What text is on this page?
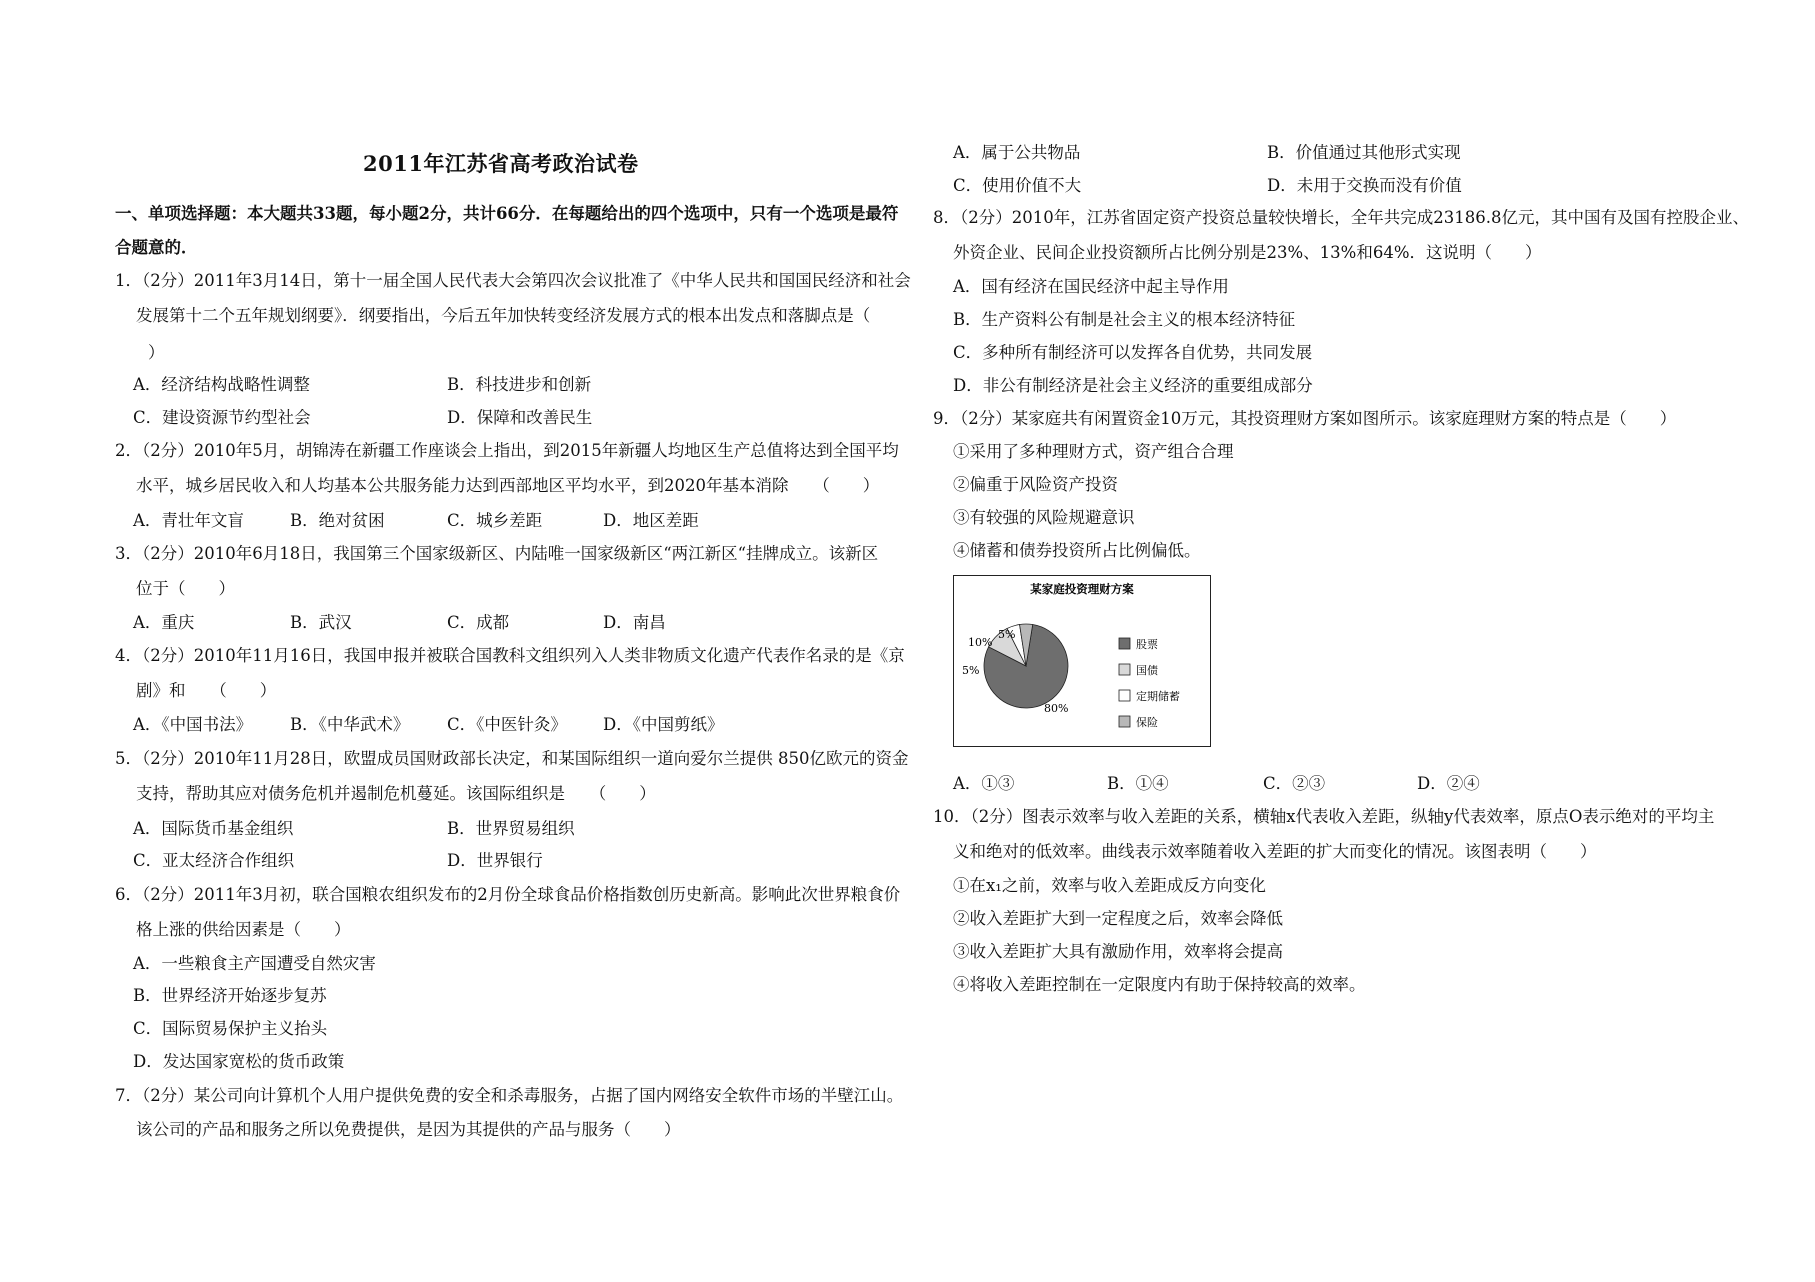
2011年江苏省高考政治试卷
一、单项选择题：本大题共33题，每小题2分，共计66分．在每题给出的四个选项中，只有一个选项是最符
合题意的．
1．（2分）2011年3月14日，第十一届全国人民代表大会第四次会议批准了《中华人民共和国国民经济和社会
发展第十二个五年规划纲要》．纲要指出，今后五年加快转变经济发展方式的根本出发点和落脚点是（
）
A．经济结构战略性调整	B．科技进步和创新
C．建设资源节约型社会	D．保障和改善民生
2．（2分）2010年5月，胡锦涛在新疆工作座谈会上指出，到2015年新疆人均地区生产总值将达到全国平均
水平，城乡居民收入和人均基本公共服务能力达到西部地区平均水平，到2020年基本消除　　（　　）
A．青壮年文盲	B．绝对贫困	C．城乡差距	D．地区差距
3．（2分）2010年6月18日，我国第三个国家级新区、内陆唯一国家级新区“两江新区“挂牌成立。该新区
位于（　　）
A．重庆	B．武汉	C．成都	D．南昌
4．（2分）2010年11月16日，我国申报并被联合国教科文组织列入人类非物质文化遗产代表作名录的是《京
剧》和　　（　　）
A．《中国书法》 B．《中华武术》 C．《中医针灸》 D．《中国剪纸》
5．（2分）2010年11月28日，欧盟成员国财政部长决定，和某国际组织一道向爱尔兰提供 850亿欧元的资金
支持，帮助其应对债务危机并遏制危机蔓延。该国际组织是　　（　　）
A．国际货币基金组织	B．世界贸易组织
C．亚太经济合作组织	D．世界银行
6．（2分）2011年3月初，联合国粮农组织发布的2月份全球食品价格指数创历史新高。影响此次世界粮食价
格上涨的供给因素是（　　）
A．一些粮食主产国遭受自然灾害
B．世界经济开始逐步复苏
C．国际贸易保护主义抬头
D．发达国家宽松的货币政策
7．（2分）某公司向计算机个人用户提供免费的安全和杀毒服务，占据了国内网络安全软件市场的半壁江山。
该公司的产品和服务之所以免费提供，是因为其提供的产品与服务（　　）
A．属于公共物品	B．价值通过其他形式实现
C．使用价值不大	D．未用于交换而没有价值
8．（2分）2010年，江苏省固定资产投资总量较快增长，全年共完成23186.8亿元，其中国有及国有控股企业、
外资企业、民间企业投资额所占比例分别是23%、13%和64%．这说明（　　）
A．国有经济在国民经济中起主导作用
B．生产资料公有制是社会主义的根本经济特征
C．多种所有制经济可以发挥各自优势，共同发展
D．非公有制经济是社会主义经济的重要组成部分
9．（2分）某家庭共有闲置资金10万元，其投资理财方案如图所示。该家庭理财方案的特点是（　　）
①采用了多种理财方式，资产组合合理
②偏重于风险资产投资
③有较强的风险规避意识
④储蓄和债券投资所占比例偏低。
A．①③	B．①④	C．②③	D．②④
10．（2分）图表示效率与收入差距的关系，横轴x代表收入差距，纵轴y代表效率，原点O表示绝对的平均主
义和绝对的低效率。曲线表示效率随着收入差距的扩大而变化的情况。该图表明（　　）
①在x₁之前，效率与收入差距成反方向变化
②收入差距扩大到一定程度之后，效率会降低
③收入差距扩大具有激励作用，效率将会提高
④将收入差距控制在一定限度内有助于保持较高的效率。
某家庭投资理财方案
80%
10%
5%
5%
股票
国债
定期储蓄
保险
